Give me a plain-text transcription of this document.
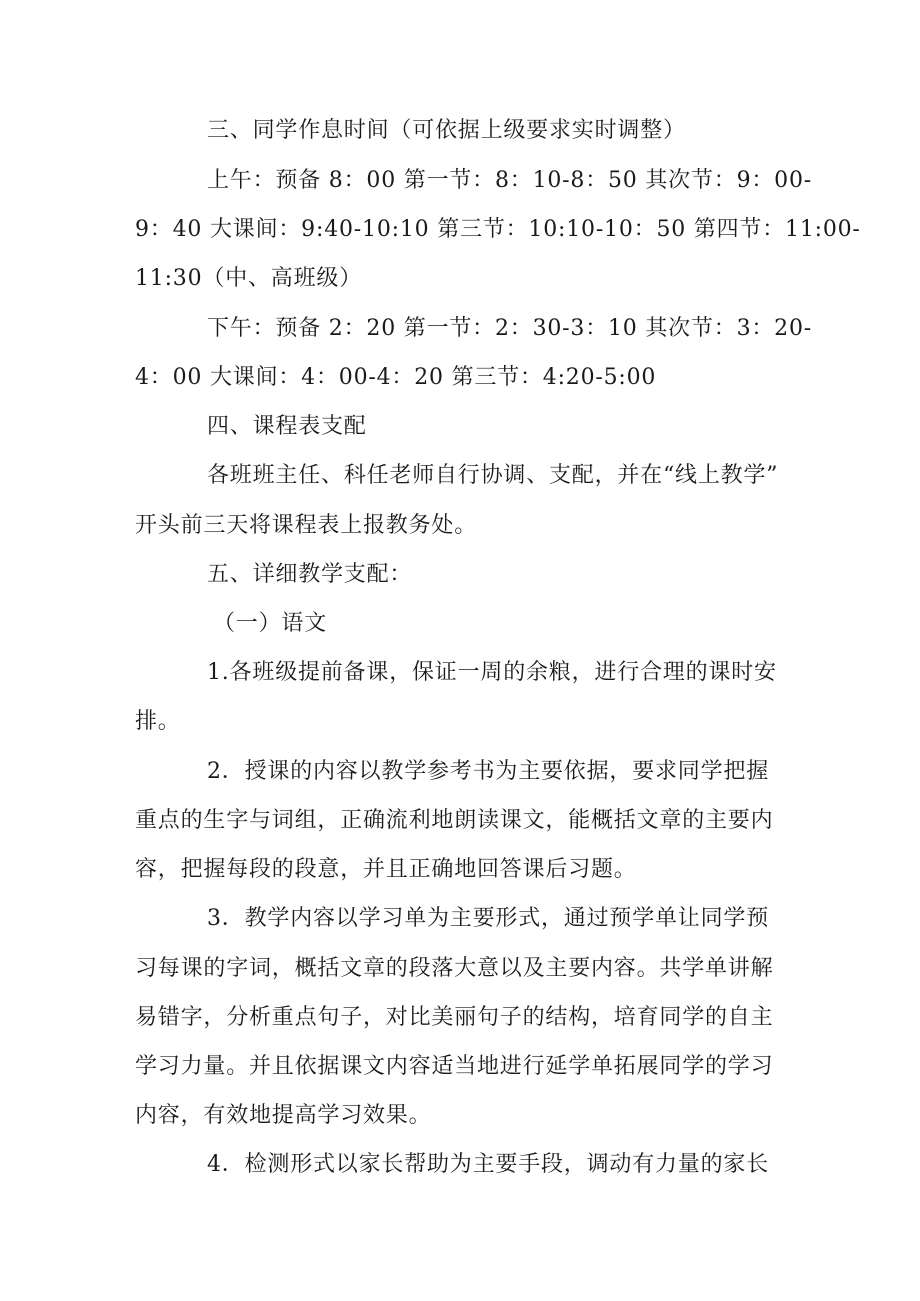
三、同学作息时间（可依据上级要求实时调整）
上午：预备 8：00 第一节：8：10-8：50 其次节：9：00-
9：40 大课间：9:40-10:10 第三节：10:10-10：50 第四节：11:00-
11:30（中、高班级）
下午：预备 2：20 第一节：2：30-3：10 其次节：3：20-
4：00 大课间：4：00-4：20 第三节：4:20-5:00
四、课程表支配
各班班主任、科任老师自行协调、支配，并在“线上教学”
开头前三天将课程表上报教务处。
五、详细教学支配：
（一）语文
1.各班级提前备课，保证一周的余粮，进行合理的课时安
排。
2．授课的内容以教学参考书为主要依据，要求同学把握
重点的生字与词组，正确流利地朗读课文，能概括文章的主要内
容，把握每段的段意，并且正确地回答课后习题。
3．教学内容以学习单为主要形式，通过预学单让同学预
习每课的字词，概括文章的段落大意以及主要内容。共学单讲解
易错字，分析重点句子，对比美丽句子的结构，培育同学的自主
学习力量。并且依据课文内容适当地进行延学单拓展同学的学习
内容，有效地提高学习效果。
4．检测形式以家长帮助为主要手段，调动有力量的家长
